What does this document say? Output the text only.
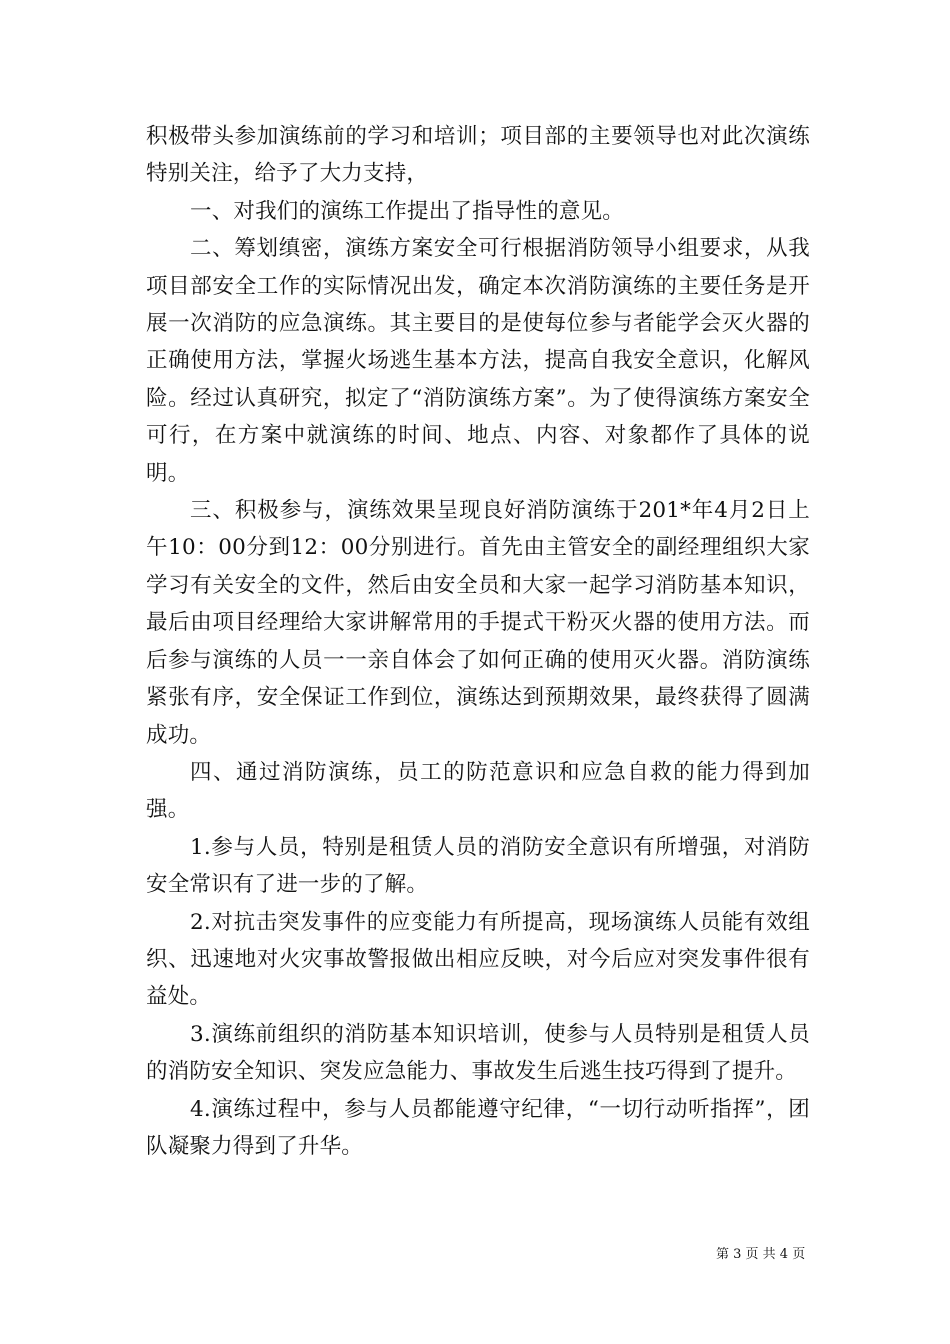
积极带头参加演练前的学习和培训；项目部的主要领导也对此次演练特别关注，给予了大力支持，

一、对我们的演练工作提出了指导性的意见。

二、筹划缜密，演练方案安全可行根据消防领导小组要求，从我项目部安全工作的实际情况出发，确定本次消防演练的主要任务是开展一次消防的应急演练。其主要目的是使每位参与者能学会灭火器的正确使用方法，掌握火场逃生基本方法，提高自我安全意识，化解风险。经过认真研究，拟定了“消防演练方案”。为了使得演练方案安全可行，在方案中就演练的时间、地点、内容、对象都作了具体的说明。

三、积极参与，演练效果呈现良好消防演练于201*年4月2日上午10：00分到12：00分别进行。首先由主管安全的副经理组织大家学习有关安全的文件，然后由安全员和大家一起学习消防基本知识，最后由项目经理给大家讲解常用的手提式干粉灭火器的使用方法。而后参与演练的人员一一亲自体会了如何正确的使用灭火器。消防演练紧张有序，安全保证工作到位，演练达到预期效果，最终获得了圆满成功。

四、通过消防演练，员工的防范意识和应急自救的能力得到加强。

1.参与人员，特别是租赁人员的消防安全意识有所增强，对消防安全常识有了进一步的了解。

2.对抗击突发事件的应变能力有所提高，现场演练人员能有效组织、迅速地对火灾事故警报做出相应反映，对今后应对突发事件很有益处。

3.演练前组织的消防基本知识培训，使参与人员特别是租赁人员的消防安全知识、突发应急能力、事故发生后逃生技巧得到了提升。

4.演练过程中，参与人员都能遵守纪律，“一切行动听指挥”，团队凝聚力得到了升华。

第 3 页 共 4 页
